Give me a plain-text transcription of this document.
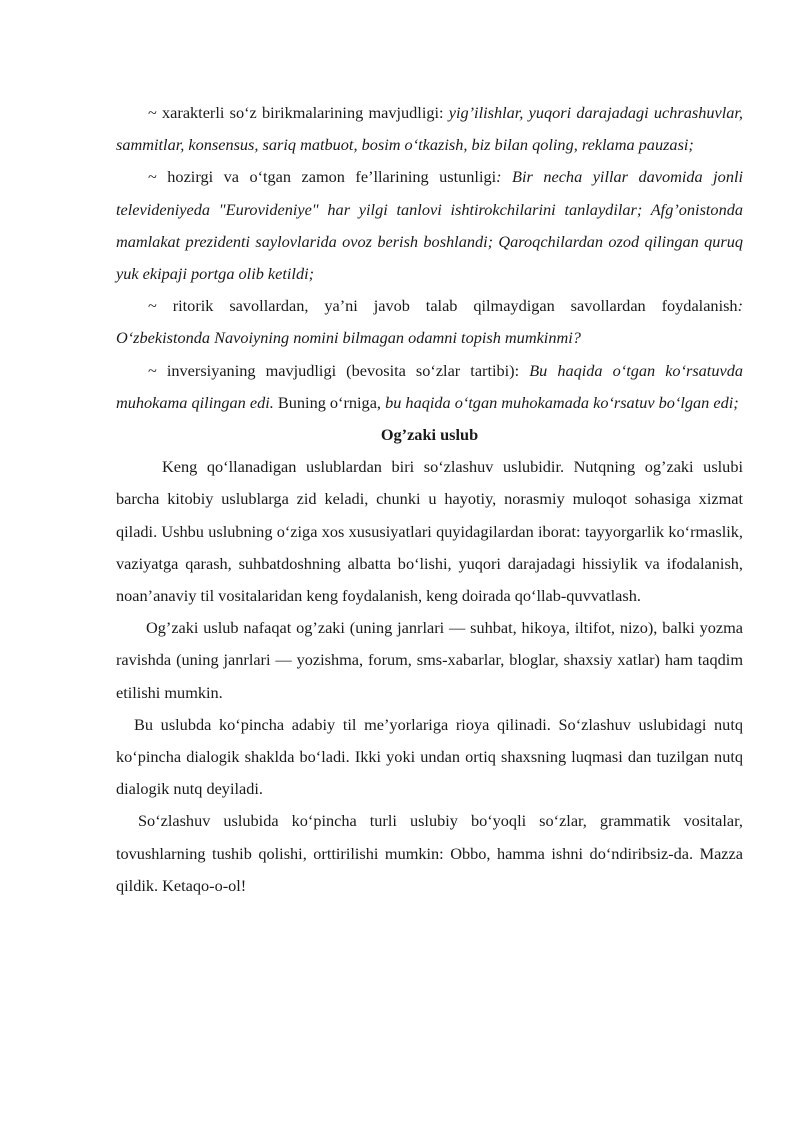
~ xarakterli so‘z birikmalarining mavjudligi: yig’ilishlar, yuqori darajadagi uchrashuvlar, sammitlar, konsensus, sariq matbuot, bosim o‘tkazish, biz bilan qoling, reklama pauzasi;

~ hozirgi va o‘tgan zamon fe’llarining ustunligi: Bir necha yillar davomida jonli televideniyeda "Eurovideniye" har yilgi tanlovi ishtirokchilarini tanlaydilar; Afg’onistonda mamlakat prezidenti saylovlarida ovoz berish boshlandi; Qaroqchilardan ozod qilingan quruq yuk ekipaji portga olib ketildi;

~ ritorik savollardan, ya’ni javob talab qilmaydigan savollardan foydalanish: O‘zbekistonda Navoiyning nomini bilmagan odamni topish mumkinmi?

~ inversiyaning mavjudligi (bevosita so‘zlar tartibi): Bu haqida o‘tgan ko‘rsatuvda muhokama qilingan edi. Buning o‘rniga, bu haqida o‘tgan muhokamada ko‘rsatuv bo‘lgan edi;

Og’zaki uslub

Keng qo‘llanadigan uslublardan biri so‘zlashuv uslubidir. Nutqning og’zaki uslubi barcha kitobiy uslublarga zid keladi, chunki u hayotiy, norasmiy muloqot sohasiga xizmat qiladi. Ushbu uslubning o‘ziga xos xususiyatlari quyidagilardan iborat: tayyorgarlik ko‘rmaslik, vaziyatga qarash, suhbatdoshning albatta bo‘lishi, yuqori darajadagi hissiylik va ifodalanish, noan’anaviy til vositalaridan keng foydalanish, keng doirada qo‘llab-quvvatlash.

Og’zaki uslub nafaqat og’zaki (uning janrlari — suhbat, hikoya, iltifot, nizo), balki yozma ravishda (uning janrlari — yozishma, forum, sms-xabarlar, bloglar, shaxsiy xatlar) ham taqdim etilishi mumkin.

Bu uslubda ko‘pincha adabiy til me’yorlariga rioya qilinadi. So‘zlashuv uslubidagi nutq ko‘pincha dialogik shaklda bo‘ladi. Ikki yoki undan ortiq shaxsning luqmasi dan tuzilgan nutq dialogik nutq deyiladi.

So‘zlashuv uslubida ko‘pincha turli uslubiy bo‘yoqli so‘zlar, grammatik vositalar, tovushlarning tushib qolishi, orttirilishi mumkin: Obbo, hamma ishni do‘ndiribsiz-da. Mazza qildik. Ketaqo-o-ol!
